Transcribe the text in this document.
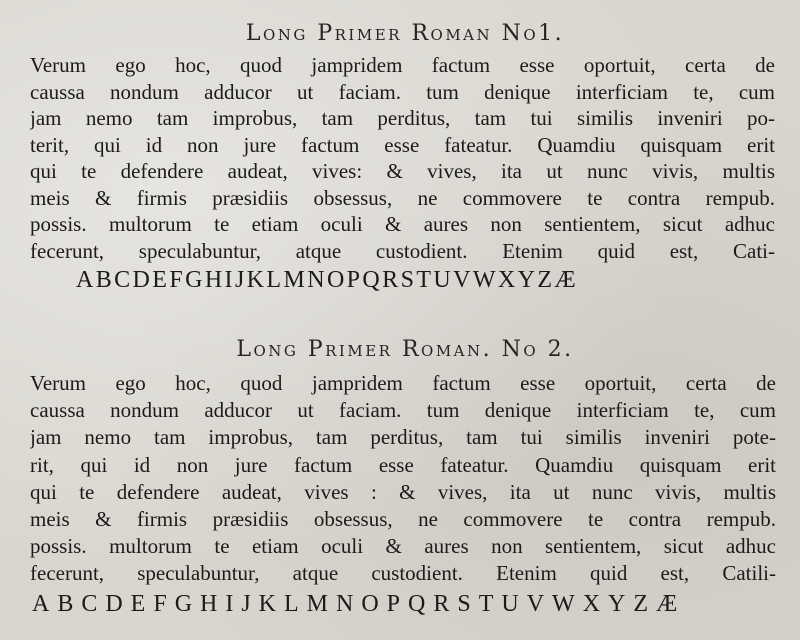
Long Primer Roman No1.
Verum ego hoc, quod jampridem factum esse oportuit, certa de
caussa nondum adducor ut faciam. tum denique interficiam te, cum
jam nemo tam improbus, tam perditus, tam tui similis inveniri po-
terit, qui id non jure factum esse fateatur. Quamdiu quisquam erit
qui te defendere audeat, vives: & vives, ita ut nunc vivis, multis
meis & firmis præsidiis obsessus, ne commovere te contra rempub.
possis. multorum te etiam oculi & aures non sentientem, sicut adhuc
fecerunt, speculabuntur, atque custodient. Etenim quid est, Cati-
ABCDEFGHIJKLMNOPQRSTUVWXYZÆ
Long Primer Roman. No 2.
Verum ego hoc, quod jampridem factum esse oportuit, certa de
caussa nondum adducor ut faciam. tum denique interficiam te, cum
jam nemo tam improbus, tam perditus, tam tui similis inveniri pote-
rit, qui id non jure factum esse fateatur. Quamdiu quisquam erit
qui te defendere audeat, vives : & vives, ita ut nunc vivis, multis
meis & firmis præsidiis obsessus, ne commovere te contra rempub.
possis. multorum te etiam oculi & aures non sentientem, sicut adhuc
fecerunt, speculabuntur, atque custodient. Etenim quid est, Catili-
ABCDEFGHIJKLMNOPQRSTUVWXYZÆ
